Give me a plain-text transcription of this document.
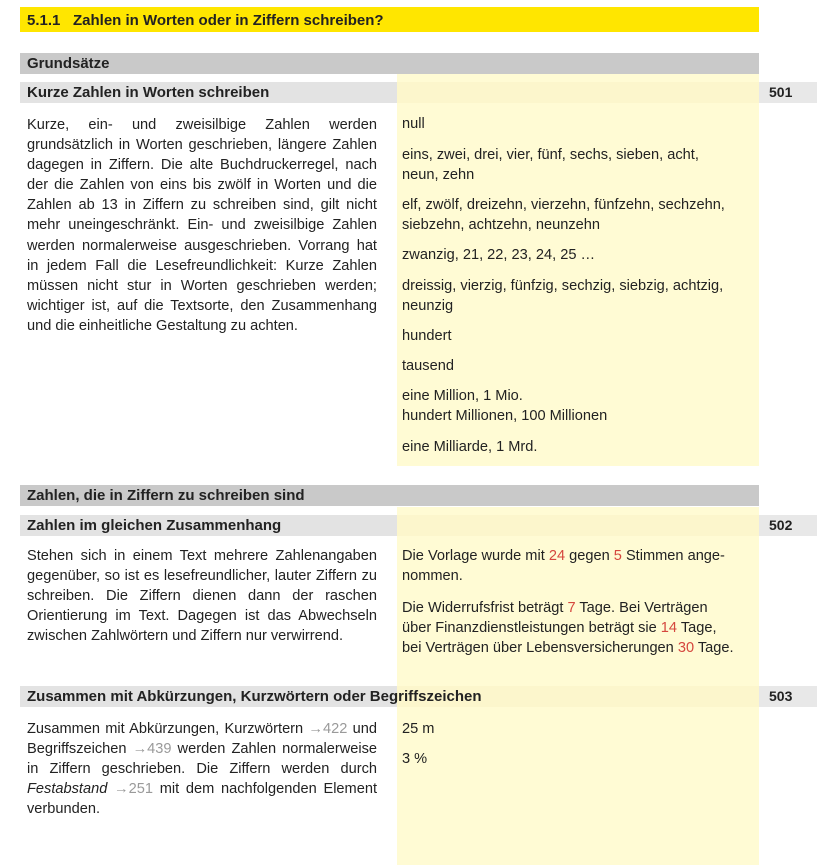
5.1.1 Zahlen in Worten oder in Ziffern schreiben?
Grundsätze
Kurze Zahlen in Worten schreiben	501
Kurze, ein- und zweisilbige Zahlen werden grundsätzlich in Worten geschrieben, längere Zahlen dagegen in Ziffern. Die alte Buchdruckerregel, nach der die Zahlen von eins bis zwölf in Worten und die Zahlen ab 13 in Ziffern zu schreiben sind, gilt nicht mehr uneingeschränkt. Ein- und zweisilbige Zahlen werden normalerweise ausgeschrieben. Vorrang hat in jedem Fall die Lesefreundlichkeit: Kurze Zahlen müssen nicht stur in Worten geschrieben werden; wichtiger ist, auf die Textsorte, den Zusammenhang und die einheitliche Gestaltung zu achten.
null
eins, zwei, drei, vier, fünf, sechs, sieben, acht,
neun, zehn
elf, zwölf, dreizehn, vierzehn, fünfzehn, sechzehn,
siebzehn, achtzehn, neunzehn
zwanzig, 21, 22, 23, 24, 25 …
dreissig, vierzig, fünfzig, sechzig, siebzig, achtzig,
neunzig
hundert
tausend
eine Million, 1 Mio.
hundert Millionen, 100 Millionen
eine Milliarde, 1 Mrd.
Zahlen, die in Ziffern zu schreiben sind
Zahlen im gleichen Zusammenhang	502
Stehen sich in einem Text mehrere Zahlenangaben gegenüber, so ist es lesefreundlicher, lauter Ziffern zu schreiben. Die Ziffern dienen dann der raschen Orientierung im Text. Dagegen ist das Abwechseln zwischen Zahlwörtern und Ziffern nur verwirrend.
Die Vorlage wurde mit 24 gegen 5 Stimmen ange-
nommen.
Die Widerrufsfrist beträgt 7 Tage. Bei Verträgen
über Finanzdienstleistungen beträgt sie 14 Tage,
bei Verträgen über Lebensversicherungen 30 Tage.
Zusammen mit Abkürzungen, Kurzwörtern oder Begriffszeichen	503
Zusammen mit Abkürzungen, Kurzwörtern →422 und Begriffszeichen →439 werden Zahlen normalerweise in Ziffern geschrieben. Die Ziffern werden durch Festabstand →251 mit dem nachfolgenden Element verbunden.
25 m
3 %
